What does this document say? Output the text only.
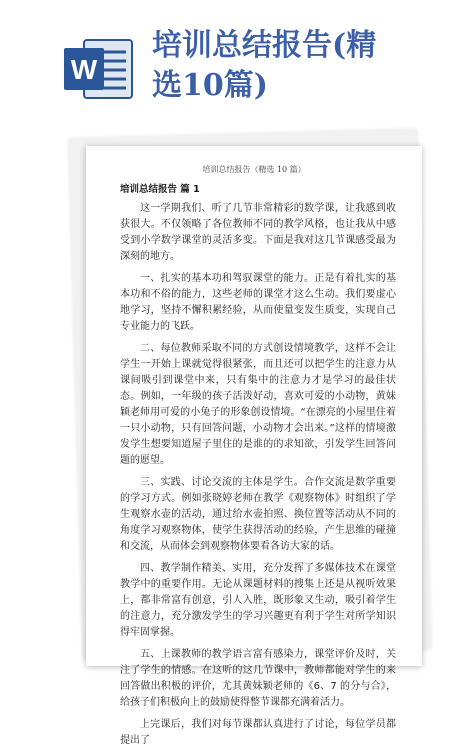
W
培训总结报告(精
选10篇)
培训总结报告（精选 10 篇）
培训总结报告 篇 1

这一学期我们、听了几节非常精彩的数学课，让我感到收获很大。不仅领略了各位教师不同的教学风格，也让我从中感受到小学数学课堂的灵活多变。下面是我对这几节课感受最为深刻的地方。

一、扎实的基本功和驾驭课堂的能力。正是有着扎实的基本功和不俗的能力，这些老师的课堂才这么生动。我们要虚心地学习，坚持不懈积累经验，从而使量变发生质变，实现自己专业能力的飞跃。

二、每位教师采取不同的方式创设情境教学，这样不会让学生一开始上课就觉得很紧张，而且还可以把学生的注意力从课间吸引到课堂中来，只有集中的注意力才是学习的最佳状态。例如，一年级的孩子活泼好动，喜欢可爱的小动物，黄妹颖老师用可爱的小兔子的形象创设情境。“在漂亮的小屋里住着一只小动物，只有回答问题，小动物才会出来。”这样的情境激发学生想要知道屋子里住的是谁的的求知欲，引发学生回答问题的愿望。

三、实践、讨论交流的主体是学生。合作交流是数学重要的学习方式。例如张晓婷老师在教学《观察物体》时组织了学生观察水壶的活动，通过给水壶拍照、换位置等活动从不同的角度学习观察物体，使学生获得活动的经验，产生思维的碰撞和交流，从而体会到观察物体要看各访大家的话。

四、教学制作精美、实用，充分发挥了多媒体技术在课堂教学中的重要作用。无论从课题材料的搜集上还是从视听效果上，都非常富有创意，引人入胜，既形象又生动，吸引着学生的注意力，充分激发学生的学习兴趣更有利于学生对所学知识得牢固掌握。

五、上课教师的教学语言富有感染力，课堂评价及时，关注了学生的情感。在这听的这几节课中，教师都能对学生的来回答做出积极的评价，尤其黄妹颖老师的《6、7 的分与合》，给孩子们积极向上的鼓励使得整节课都充满着活力。

上完课后，我们对每节课都认真进行了讨论，每位学员都提出了
